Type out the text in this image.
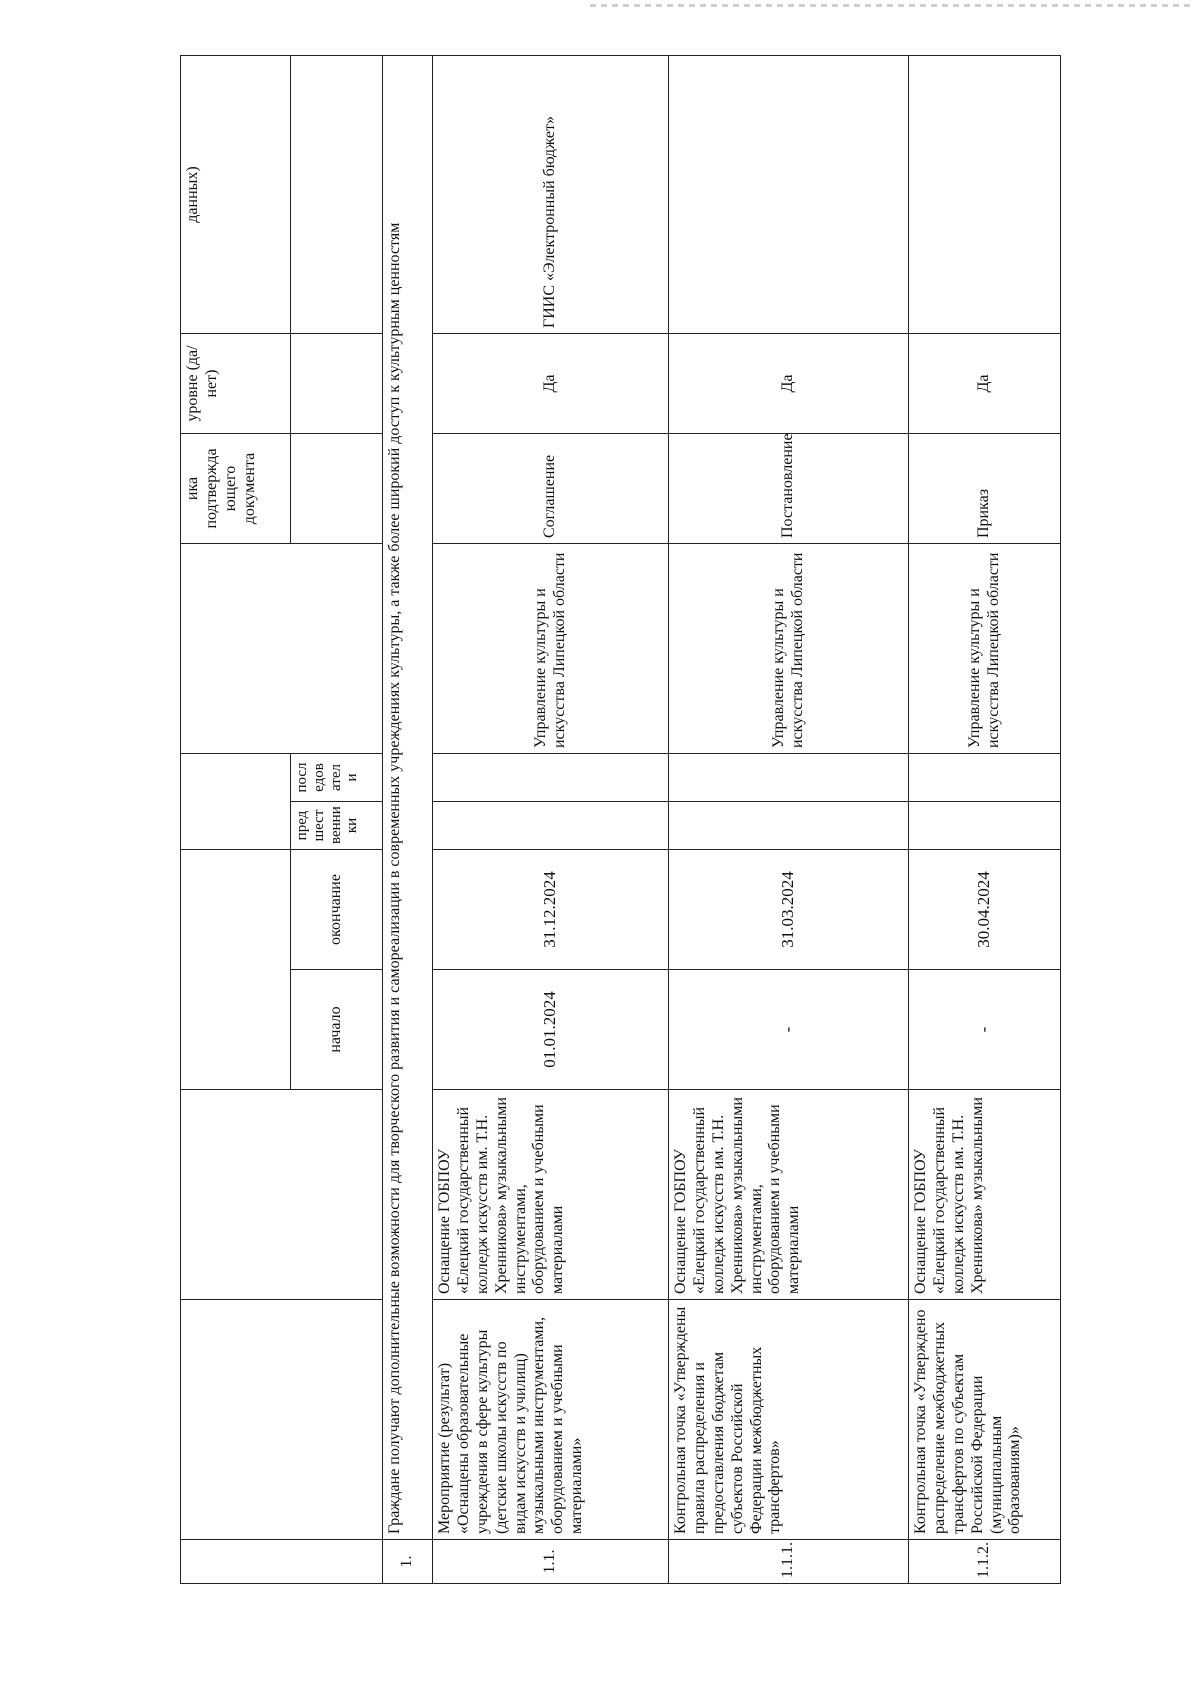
								ика подтвержда ющего документа	уровне (да/нет)	данных)
			начало	окончание	пред шест венни ки	посл едов ател и				
1.	Граждане получают дополнительные возможности для творческого развития и самореализации в современных учреждениях культуры, а также более широкий доступ к культурным ценностям									
1.1.	Мероприятие (результат) «Оснащены образовательные учреждения в сфере культуры (детские школы искусств по видам искусств и училищ) музыкальными инструментами, оборудованием и учебными материалами»	Оснащение ГОБПОУ «Елецкий государственный колледж искусств им. Т.Н. Хренникова» музыкальными инструментами, оборудованием и учебными материалами	01.01.2024	31.12.2024			Управление культуры и искусства Липецкой области	Соглашение	Да	ГИИС «Электронный бюджет»
1.1.1.	Контрольная точка «Утверждены правила распределения и предоставления бюджетам субъектов Российской Федерации межбюджетных трансфертов»	Оснащение ГОБПОУ «Елецкий государственный колледж искусств им. Т.Н. Хренникова» музыкальными инструментами, оборудованием и учебными материалами	-	31.03.2024			Управление культуры и искусства Липецкой области	Постановление	Да	
1.1.2.	Контрольная точка «Утверждено распределение межбюджетных трансфертов по субъектам Российской Федерации (муниципальным образованиям)»	Оснащение ГОБПОУ «Елецкий государственный колледж искусств им. Т.Н. Хренникова» музыкальными	-	30.04.2024			Управление культуры и искусства Липецкой области	Приказ	Да	
